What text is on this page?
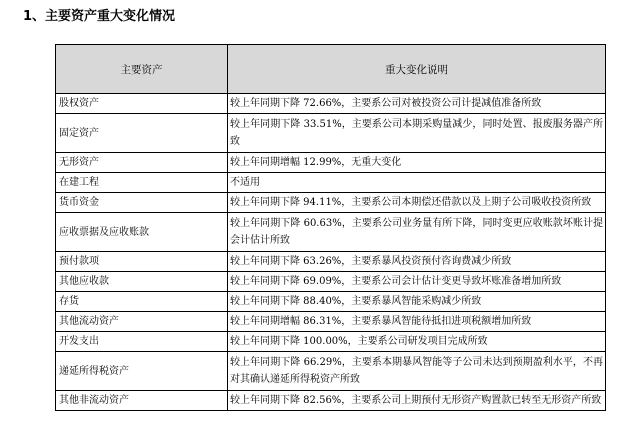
1、主要资产重大变化情况
主要资产	重大变化说明
股权资产	较上年同期下降 72.66%，主要系公司对被投资公司计提减值准备所致
固定资产	较上年同期下降 33.51%，主要系公司本期采购量减少，同时处置、报废服务器产所致
无形资产	较上年同期增幅 12.99%，无重大变化
在建工程	不适用
货币资金	较上年同期下降 94.11%，主要系公司本期偿还借款以及上期子公司吸收投资所致
应收票据及应收账款	较上年同期下降 60.63%，主要系公司业务量有所下降，同时变更应收账款坏账计提会计估计所致
预付款项	较上年同期下降 63.26%，主要系暴风投资预付咨询费减少所致
其他应收款	较上年同期下降 69.09%，主要系公司会计估计变更导致坏账准备增加所致
存货	较上年同期下降 88.40%，主要系暴风智能采购减少所致
其他流动资产	较上年同期增幅 86.31%，主要系暴风智能待抵扣进项税额增加所致
开发支出	较上年同期下降 100.00%，主要系公司研发项目完成所致
递延所得税资产	较上年同期下降 66.29%，主要系本期暴风智能等子公司未达到预期盈利水平，不再对其确认递延所得税资产所致
其他非流动资产	较上年同期下降 82.56%，主要系公司上期预付无形资产购置款已转至无形资产所致
